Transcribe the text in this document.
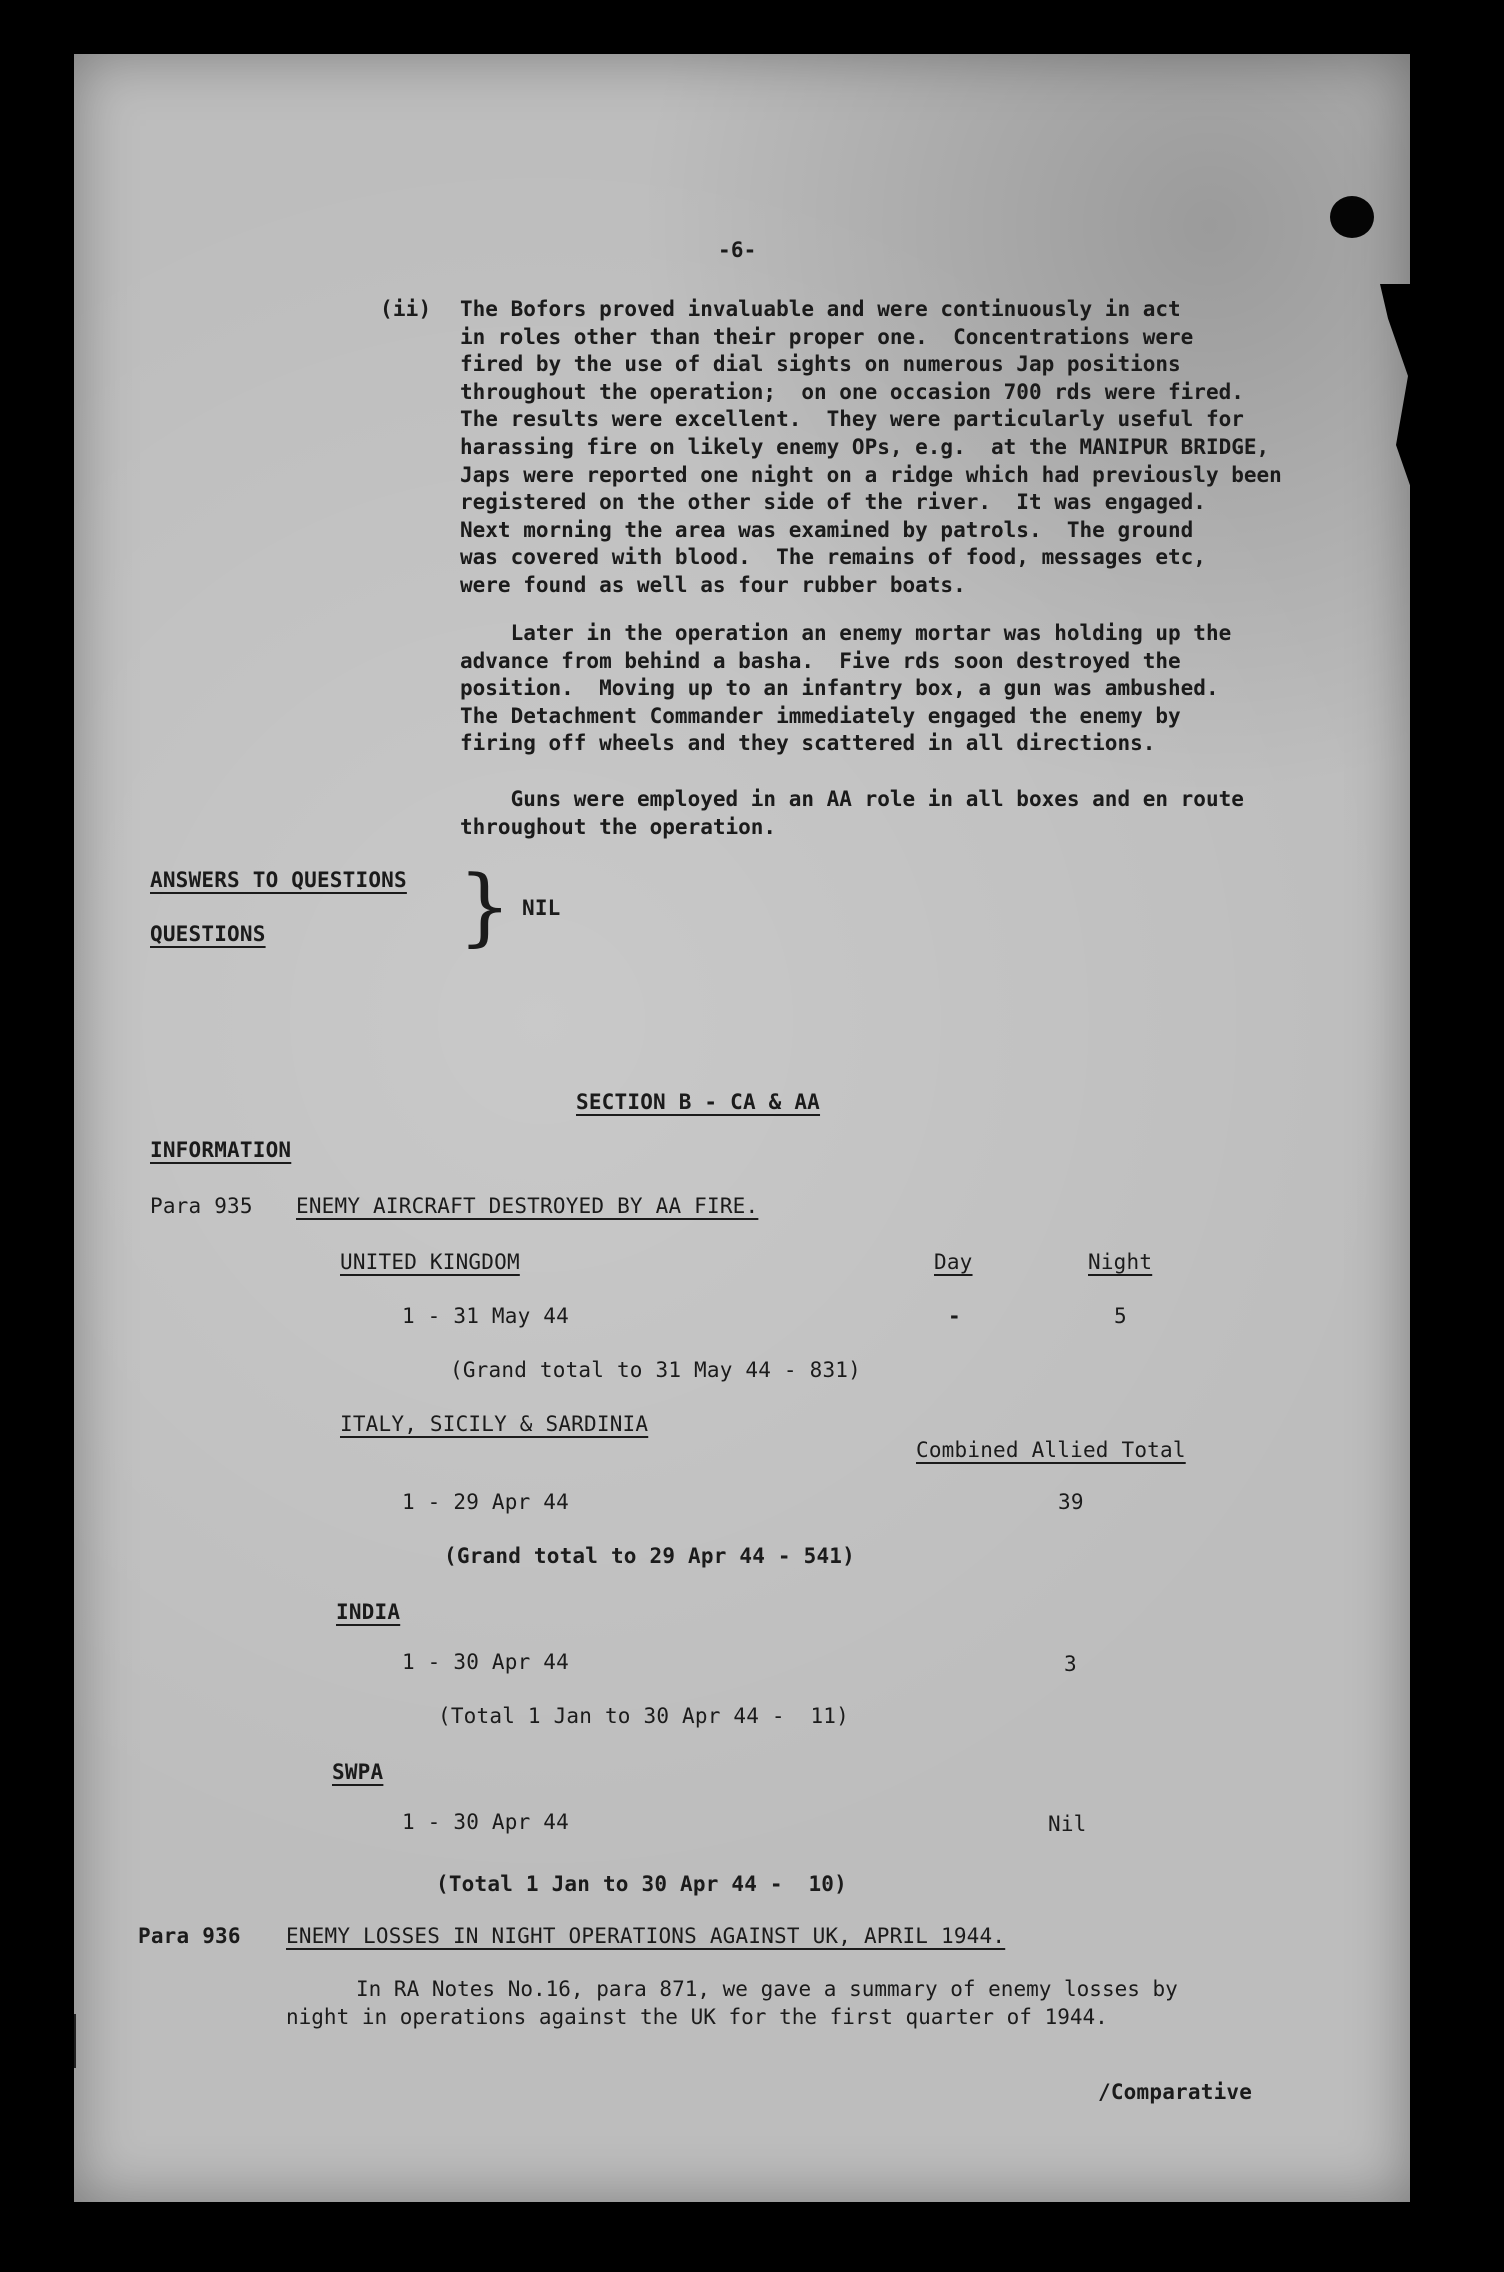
-6-
(ii) The Bofors proved invaluable and were continuously in act
in roles other than their proper one.  Concentrations were
fired by the use of dial sights on numerous Jap positions
throughout the operation;  on one occasion 700 rds were fired.
The results were excellent.  They were particularly useful for
harassing fire on likely enemy OPs, e.g.  at the MANIPUR BRIDGE,
Japs were reported one night on a ridge which had previously been
registered on the other side of the river.  It was engaged.
Next morning the area was examined by patrols.  The ground
was covered with blood.  The remains of food, messages etc,
were found as well as four rubber boats.
Later in the operation an enemy mortar was holding up the
advance from behind a basha.  Five rds soon destroyed the
position.  Moving up to an infantry box, a gun was ambushed.
The Detachment Commander immediately engaged the enemy by
firing off wheels and they scattered in all directions.
Guns were employed in an AA role in all boxes and en route
throughout the operation.
ANSWERS TO QUESTIONS
QUESTIONS } NIL
SECTION B - CA & AA
INFORMATION
Para 935 ENEMY AIRCRAFT DESTROYED BY AA FIRE.
UNITED KINGDOM	Day	Night
1 - 31 May 44	-	5
(Grand total to 31 May 44 - 831)
ITALY, SICILY & SARDINIA
Combined Allied Total
1 - 29 Apr 44	39
(Grand total to 29 Apr 44 - 541)
INDIA
1 - 30 Apr 44	3
(Total 1 Jan to 30 Apr 44 -  11)
SWPA
1 - 30 Apr 44	Nil
(Total 1 Jan to 30 Apr 44 -  10)
Para 936 ENEMY LOSSES IN NIGHT OPERATIONS AGAINST UK, APRIL 1944.
In RA Notes No.16, para 871, we gave a summary of enemy losses by
night in operations against the UK for the first quarter of 1944.
/Comparative
